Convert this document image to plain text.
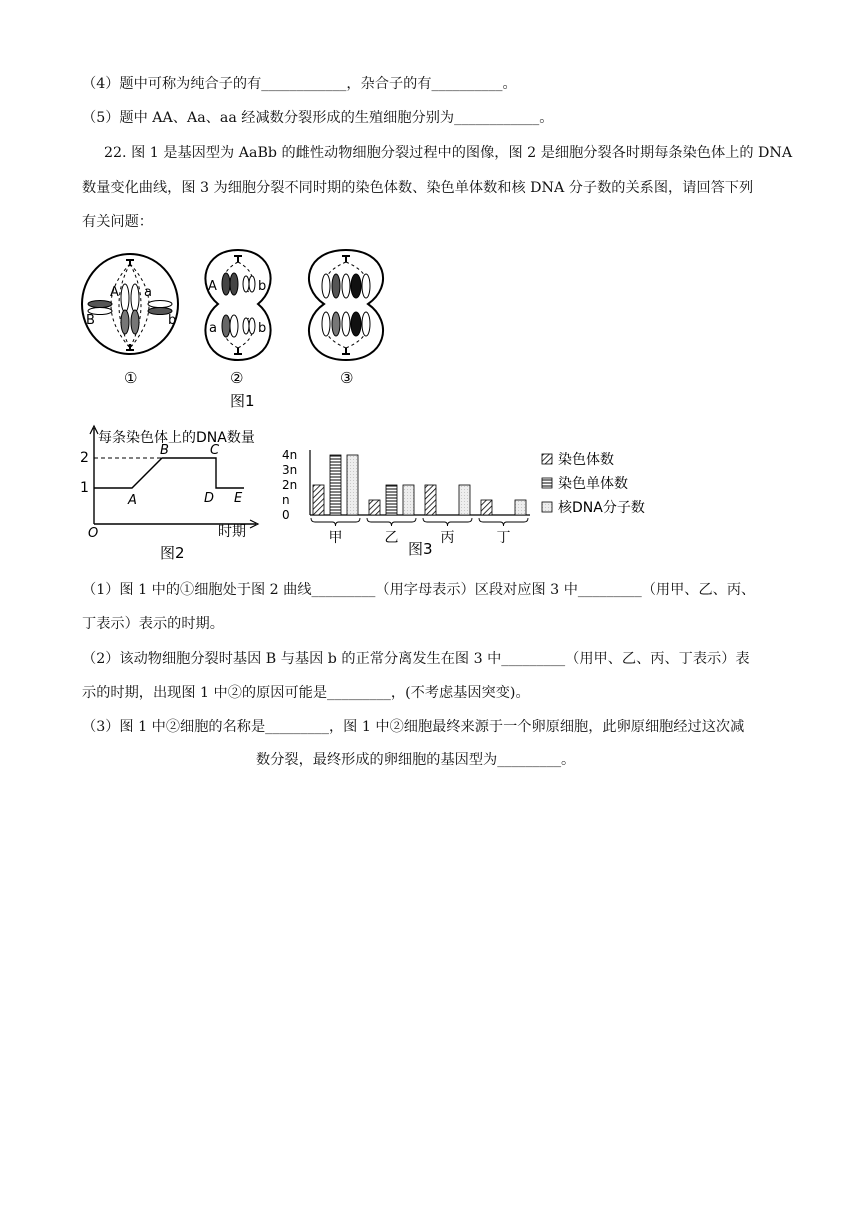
（4）题中可称为纯合子的有____________，杂合子的有__________。
（5）题中 AA、Aa、aa 经减数分裂形成的生殖细胞分别为____________。
22. 图 1 是基因型为 AaBb 的雌性动物细胞分裂过程中的图像，图 2 是细胞分裂各时期每条染色体上的 DNA
数量变化曲线，图 3 为细胞分裂不同时期的染色体数、染色单体数和核 DNA 分子数的关系图，请回答下列
有关问题：
A a
B	b
①
A	b
a	b
②	③
图1
每条染色体上的DNA数量
2
1
A
B	C
D E
O	时期
图2
4n
3n
2n
n
0
甲	乙	丙	丁
染色体数
染色单体数
核DNA分子数
图3
（1）图 1 中的①细胞处于图 2 曲线_________（用字母表示）区段对应图 3 中_________（用甲、乙、丙、
丁表示）表示的时期。
（2）该动物细胞分裂时基因 B 与基因 b 的正常分离发生在图 3 中_________（用甲、乙、丙、丁表示）表
示的时期，出现图 1 中②的原因可能是_________，(不考虑基因突变)。
（3）图 1 中②细胞的名称是_________，图 1 中②细胞最终来源于一个卵原细胞，此卵原细胞经过这次减
数分裂，最终形成的卵细胞的基因型为_________。
